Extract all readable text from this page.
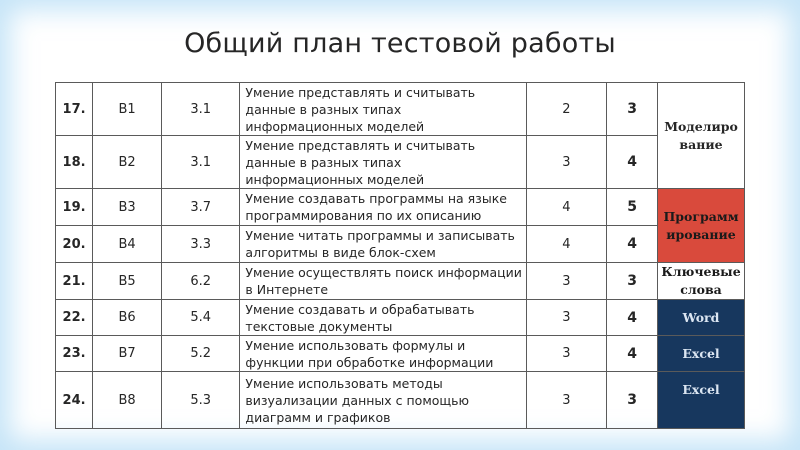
Общий план тестовой работы
17.	B1	3.1	Умение представлять и считывать данные в разных типах информационных моделей	2	3	Моделиро вание
18.	B2	3.1	Умение представлять и считывать данные в разных типах информационных моделей	3	4	
19.	B3	3.7	Умение создавать программы на языке программирования по их описанию	4	5	Программ ирование
20.	B4	3.3	Умение читать программы и записывать алгоритмы в виде блок-схем	4	4	
21.	B5	6.2	Умение осуществлять поиск информации в Интернете	3	3	Ключевые слова
22.	B6	5.4	Умение создавать и обрабатывать текстовые документы	3	4	Word
23.	B7	5.2	Умение использовать формулы и функции при обработке информации	3	4	Excel
24.	B8	5.3	Умение использовать методы визуализации данных с помощью диаграмм и графиков	3	3	Excel
